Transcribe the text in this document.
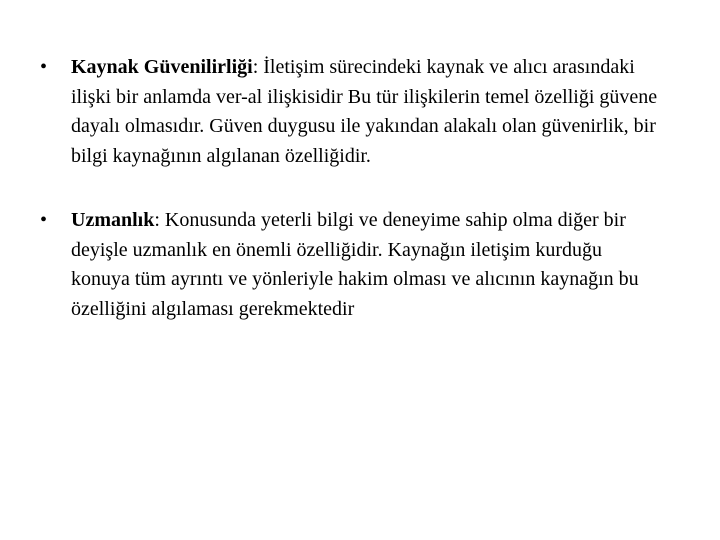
•	Kaynak Güvenilirliği: İletişim sürecindeki kaynak ve alıcı arasındaki ilişki bir anlamda ver-al ilişkisidir Bu tür ilişkilerin temel özelliği güvene dayalı olmasıdır. Güven duygusu ile yakından alakalı olan güvenirlik, bir bilgi kaynağının algılanan özelliğidir.
•	Uzmanlık: Konusunda yeterli bilgi ve deneyime sahip olma diğer bir deyişle uzmanlık en önemli özelliğidir. Kaynağın iletişim kurduğu konuya tüm ayrıntı ve yönleriyle hakim olması ve alıcının kaynağın bu özelliğini algılaması gerekmektedir
